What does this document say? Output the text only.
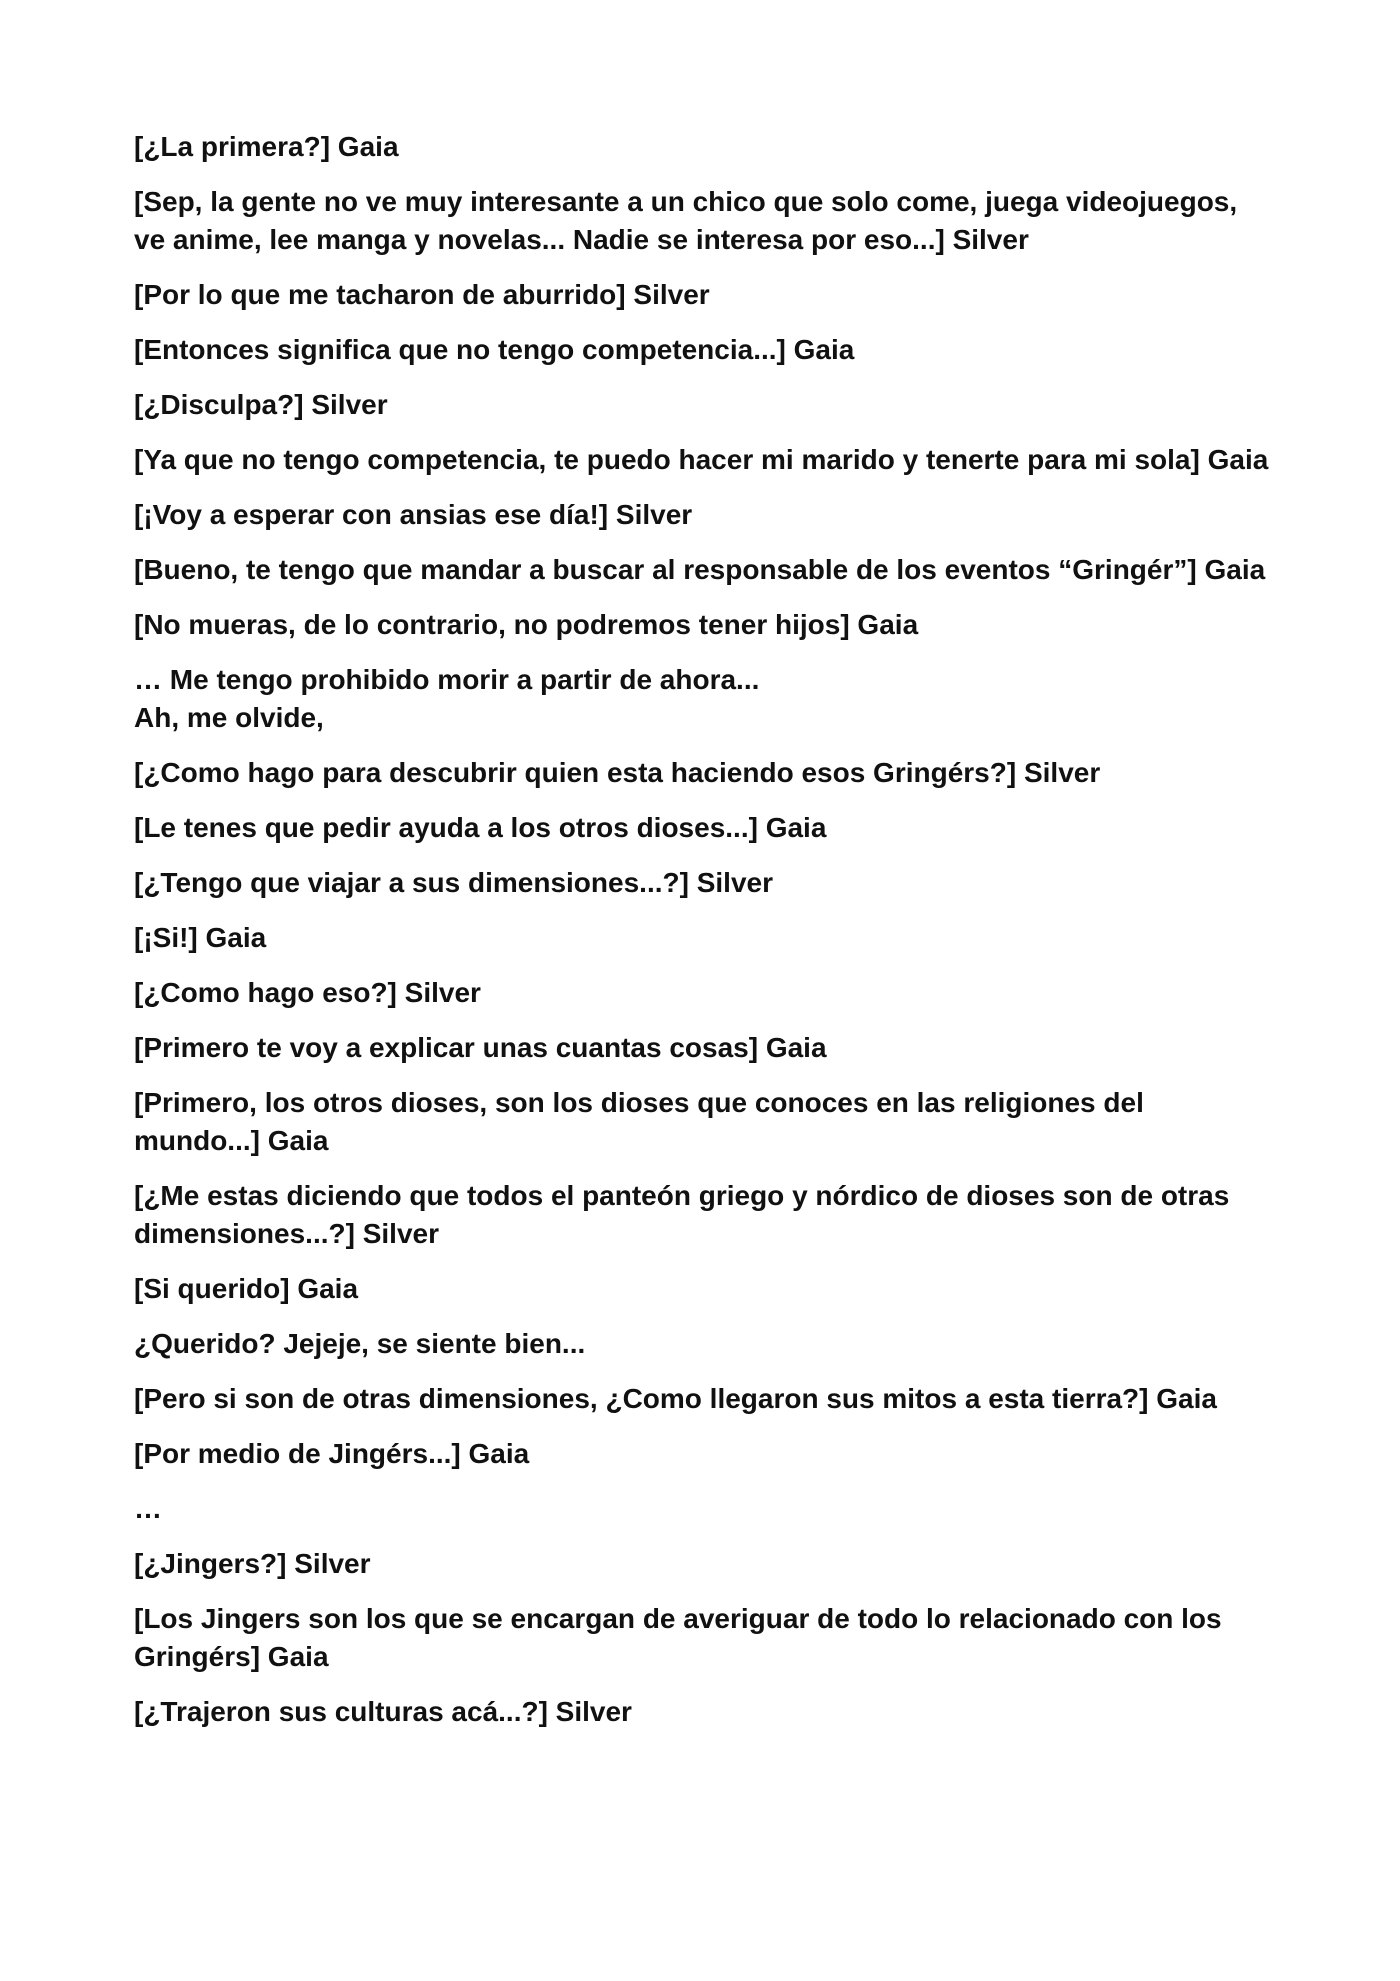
[¿La primera?] Gaia

[Sep, la gente no ve muy interesante a un chico que solo come, juega videojuegos, ve anime, lee manga y novelas... Nadie se interesa por eso...] Silver

[Por lo que me tacharon de aburrido] Silver

[Entonces significa que no tengo competencia...] Gaia

[¿Disculpa?] Silver

[Ya que no tengo competencia, te puedo hacer mi marido y tenerte para mi sola] Gaia

[¡Voy a esperar con ansias ese día!] Silver

[Bueno, te tengo que mandar a buscar al responsable de los eventos “Gringér”] Gaia

[No mueras, de lo contrario, no podremos tener hijos] Gaia

… Me tengo prohibido morir a partir de ahora...

Ah, me olvide,

[¿Como hago para descubrir quien esta haciendo esos Gringérs?] Silver

[Le tenes que pedir ayuda a los otros dioses...] Gaia

[¿Tengo que viajar a sus dimensiones...?] Silver

[¡Si!] Gaia

[¿Como hago eso?] Silver

[Primero te voy a explicar unas cuantas cosas] Gaia

[Primero, los otros dioses, son los dioses que conoces en las religiones del mundo...] Gaia

[¿Me estas diciendo que todos el panteón griego y nórdico de dioses son de otras dimensiones...?] Silver

[Si querido] Gaia

¿Querido? Jejeje, se siente bien...

[Pero si son de otras dimensiones, ¿Como llegaron sus mitos a esta tierra?] Gaia

[Por medio de Jingérs...] Gaia

…

[¿Jingers?] Silver

[Los Jingers son los que se encargan de averiguar de todo lo relacionado con los Gringérs] Gaia

[¿Trajeron sus culturas acá...?] Silver
